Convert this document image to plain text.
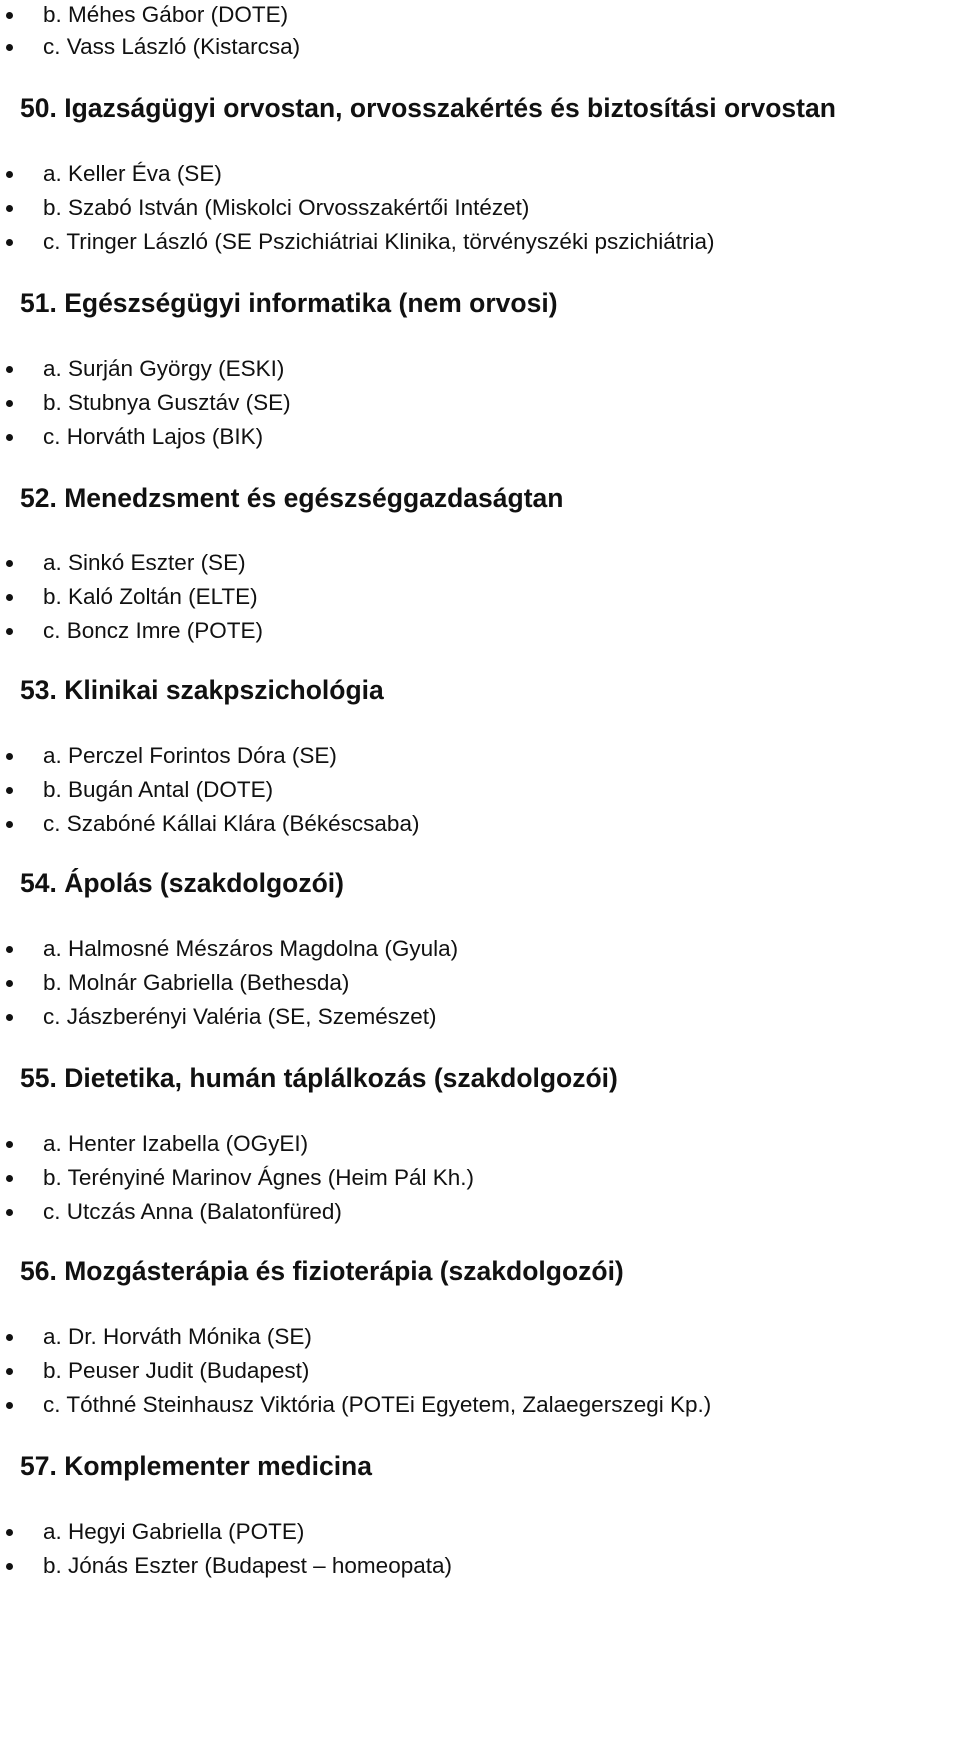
b. Méhes Gábor (DOTE)
c. Vass László (Kistarcsa)
50. Igazságügyi orvostan, orvosszakértés és biztosítási orvostan
a. Keller Éva (SE)
b. Szabó István (Miskolci Orvosszakértői Intézet)
c. Tringer László (SE Pszichiátriai Klinika, törvényszéki pszichiátria)
51. Egészségügyi informatika (nem orvosi)
a. Surján György (ESKI)
b. Stubnya Gusztáv (SE)
c. Horváth Lajos (BIK)
52. Menedzsment és egészséggazdaságtan
a. Sinkó Eszter (SE)
b. Kaló Zoltán (ELTE)
c. Boncz Imre (POTE)
53. Klinikai szakpszichológia
a. Perczel Forintos Dóra (SE)
b. Bugán Antal (DOTE)
c. Szabóné Kállai Klára (Békéscsaba)
54. Ápolás (szakdolgozói)
a. Halmosné Mészáros Magdolna (Gyula)
b. Molnár Gabriella (Bethesda)
c. Jászberényi Valéria (SE, Szemészet)
55. Dietetika, humán táplálkozás (szakdolgozói)
a. Henter Izabella (OGyEI)
b. Terényiné Marinov Ágnes (Heim Pál Kh.)
c. Utczás Anna (Balatonfüred)
56. Mozgásterápia és fizioterápia (szakdolgozói)
a. Dr. Horváth Mónika (SE)
b. Peuser Judit (Budapest)
c. Tóthné Steinhausz Viktória (POTEi Egyetem, Zalaegerszegi Kp.)
57. Komplementer medicina
a. Hegyi Gabriella (POTE)
b. Jónás Eszter (Budapest – homeopata)
